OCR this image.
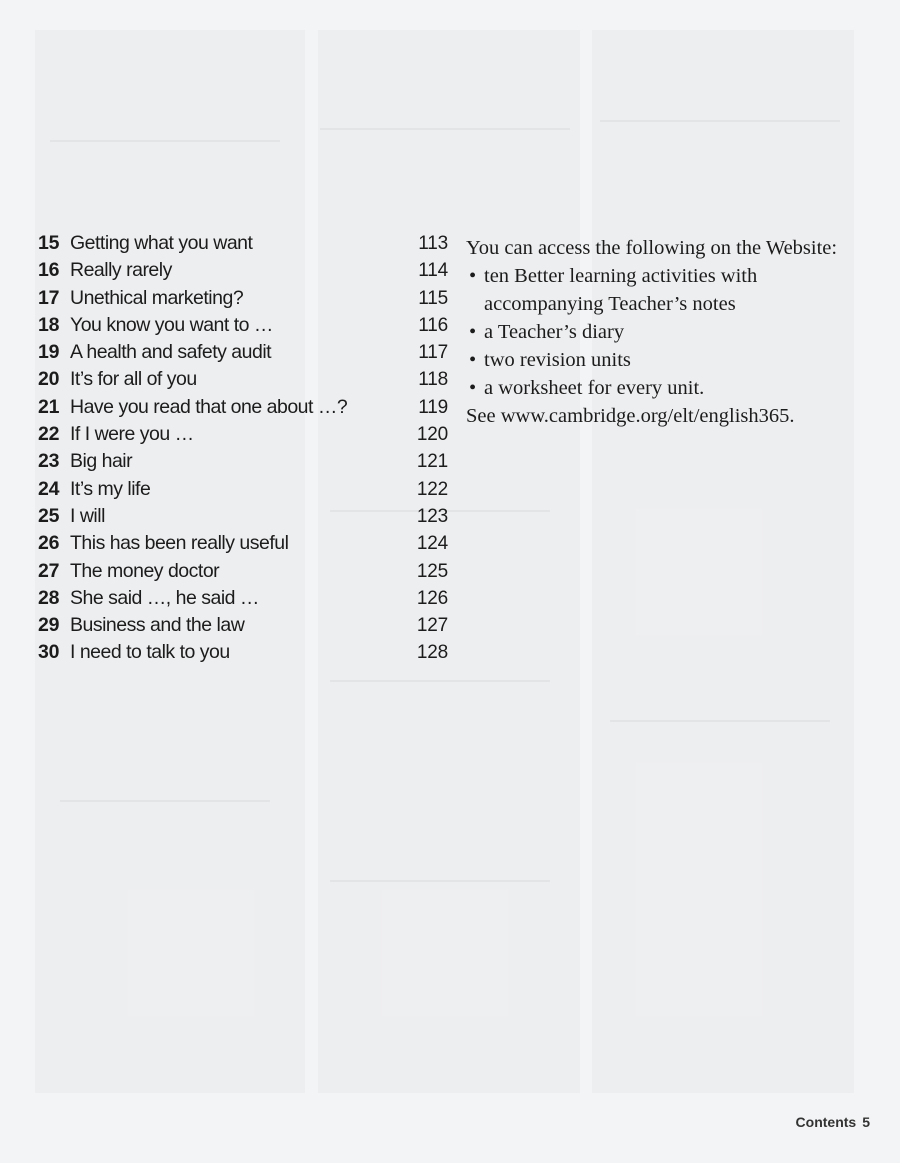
15 Getting what you want	113
16 Really rarely	114
17 Unethical marketing?	115
18 You know you want to …	116
19 A health and safety audit	117
20 It’s for all of you	118
21 Have you read that one about …?	119
22 If I were you …	120
23 Big hair	121
24 It’s my life	122
25 I will	123
26 This has been really useful	124
27 The money doctor	125
28 She said …, he said …	126
29 Business and the law	127
30 I need to talk to you	128

You can access the following on the Website:

• ten Better learning activities with accompanying Teacher’s notes
• a Teacher’s diary
• two revision units
• a worksheet for every unit.

See www.cambridge.org/elt/english365.

Contents 5
